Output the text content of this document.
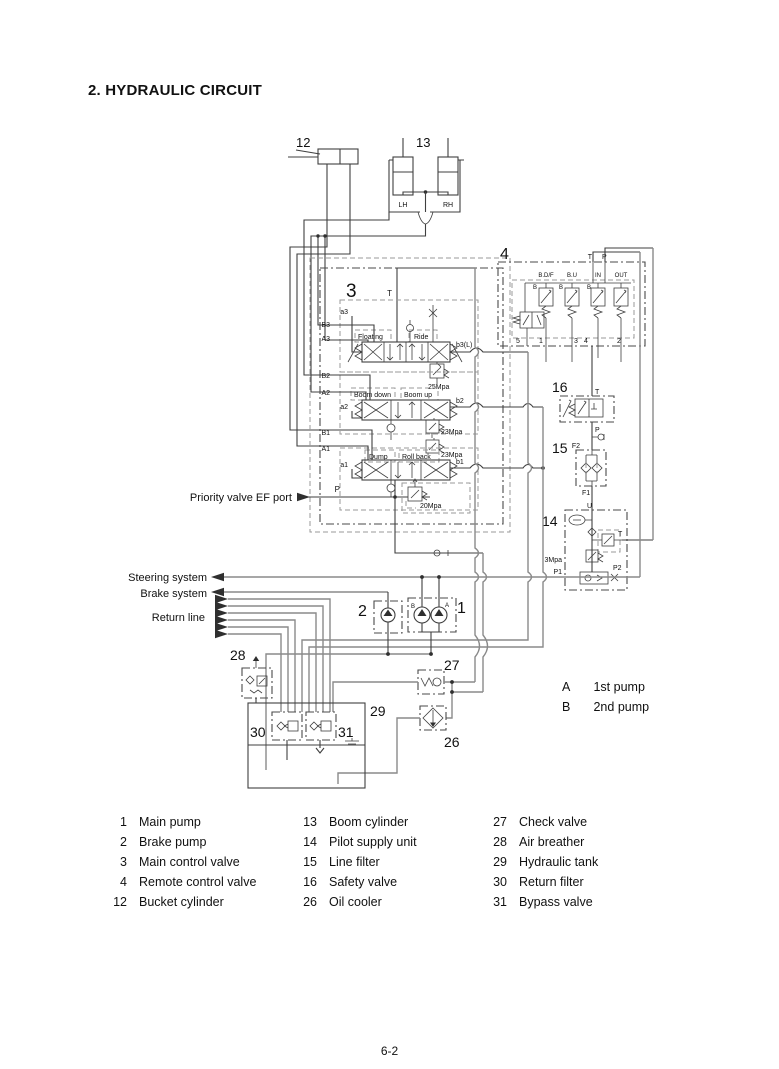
2. HYDRAULIC CIRCUIT
12	13
LH	RH
3	T
Floating	Ride
a3
B3
A3
25Mpa
b3(L)
Boom down Boom up
a2
B2
A2
23Mpa
23Mpa
b2
Dump Roll back
a1
B1
A1
b1
20Mpa
P
Priority valve EF port
4	T P
B.D/F B.U	IN OUT
B	B	B
5	1	3 4	2
16	T
P
15 F2
F1
14
U
T
3Mpa
P1
P2
Steering system
Brake system
Return line	2	1
B	A
28
27
26
29
30	31
A 1st pump
B 2nd pump
1 Main pump
2 Brake pump
3 Main control valve
4 Remote control valve
12 Bucket cylinder
13 Boom cylinder
14 Pilot supply unit
15 Line filter
16 Safety valve
26 Oil cooler
27 Check valve
28 Air breather
29 Hydraulic tank
30 Return filter
31 Bypass valve
6-2
